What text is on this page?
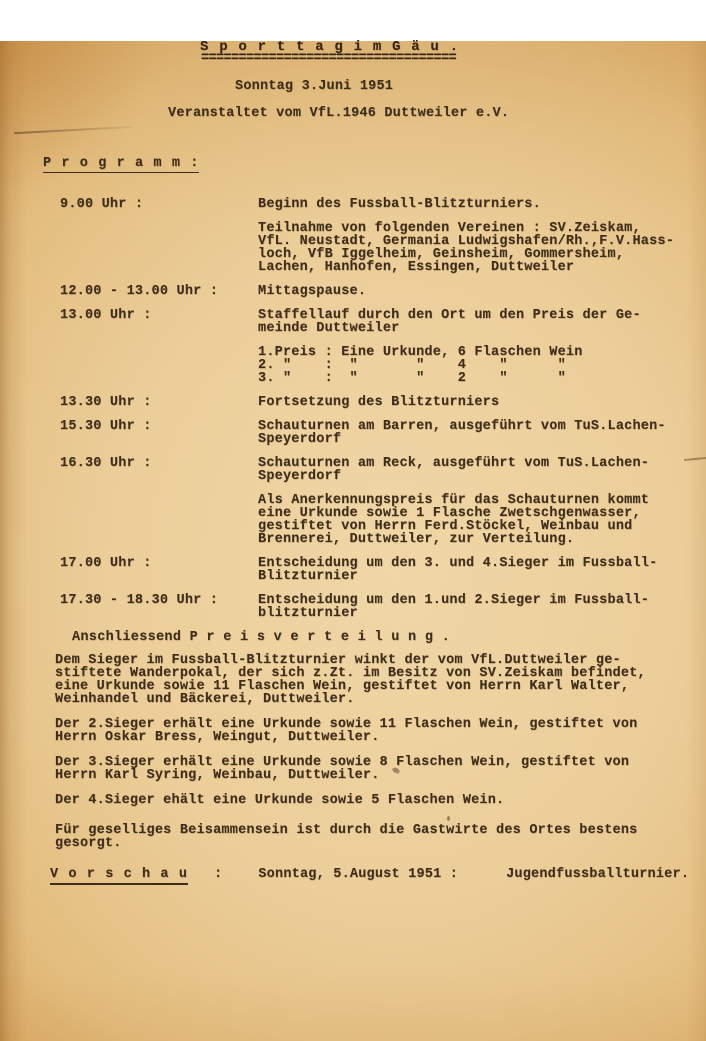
S p o r t t a g i m G ä u .
==================================
Sonntag 3.Juni 1951
Veranstaltet vom VfL.1946 Duttweiler e.V.
P r o g r a m m :
9.00 Uhr :	Beginn des Fussball-Blitzturniers.
Teilnahme von folgenden Vereinen : SV.Zeiskam,
VfL. Neustadt, Germania Ludwigshafen/Rh.,F.V.Hass-
loch, VfB Iggelheim, Geinsheim, Gommersheim,
Lachen, Hanhofen, Essingen, Duttweiler
12.00 - 13.00 Uhr :	Mittagspause.
13.00 Uhr :	Staffellauf durch den Ort um den Preis der Ge-
meinde Duttweiler
1.Preis : Eine Urkunde, 6 Flaschen Wein
2. "    :  "       "    4    "      "
3. "    :  "       "    2    "      "
13.30 Uhr :	Fortsetzung des Blitzturniers
15.30 Uhr :	Schauturnen am Barren, ausgeführt vom TuS.Lachen-
Speyerdorf
16.30 Uhr :	Schauturnen am Reck, ausgeführt vom TuS.Lachen-
Speyerdorf
Als Anerkennungspreis für das Schauturnen kommt
eine Urkunde sowie 1 Flasche Zwetschgenwasser,
gestiftet von Herrn Ferd.Stöckel, Weinbau und
Brennerei, Duttweiler, zur Verteilung.
17.00 Uhr :	Entscheidung um den 3. und 4.Sieger im Fussball-
Blitzturnier
17.30 - 18.30 Uhr :	Entscheidung um den 1.und 2.Sieger im Fussball-
blitzturnier
Anschliessend P r e i s v e r t e i l u n g .
Dem Sieger im Fussball-Blitzturnier winkt der vom VfL.Duttweiler ge-
stiftete Wanderpokal, der sich z.Zt. im Besitz von SV.Zeiskam befindet,
eine Urkunde sowie 11 Flaschen Wein, gestiftet von Herrn Karl Walter,
Weinhandel und Bäckerei, Duttweiler.
Der 2.Sieger erhält eine Urkunde sowie 11 Flaschen Wein, gestiftet von
Herrn Oskar Bress, Weingut, Duttweiler.
Der 3.Sieger erhält eine Urkunde sowie 8 Flaschen Wein, gestiftet von
Herrn Karl Syring, Weinbau, Duttweiler.
Der 4.Sieger ehält eine Urkunde sowie 5 Flaschen Wein.
Für geselliges Beisammensein ist durch die Gastwirte des Ortes bestens
gesorgt.
V o r s c h a u :	Sonntag, 5.August 1951 :	Jugendfussballturnier.
